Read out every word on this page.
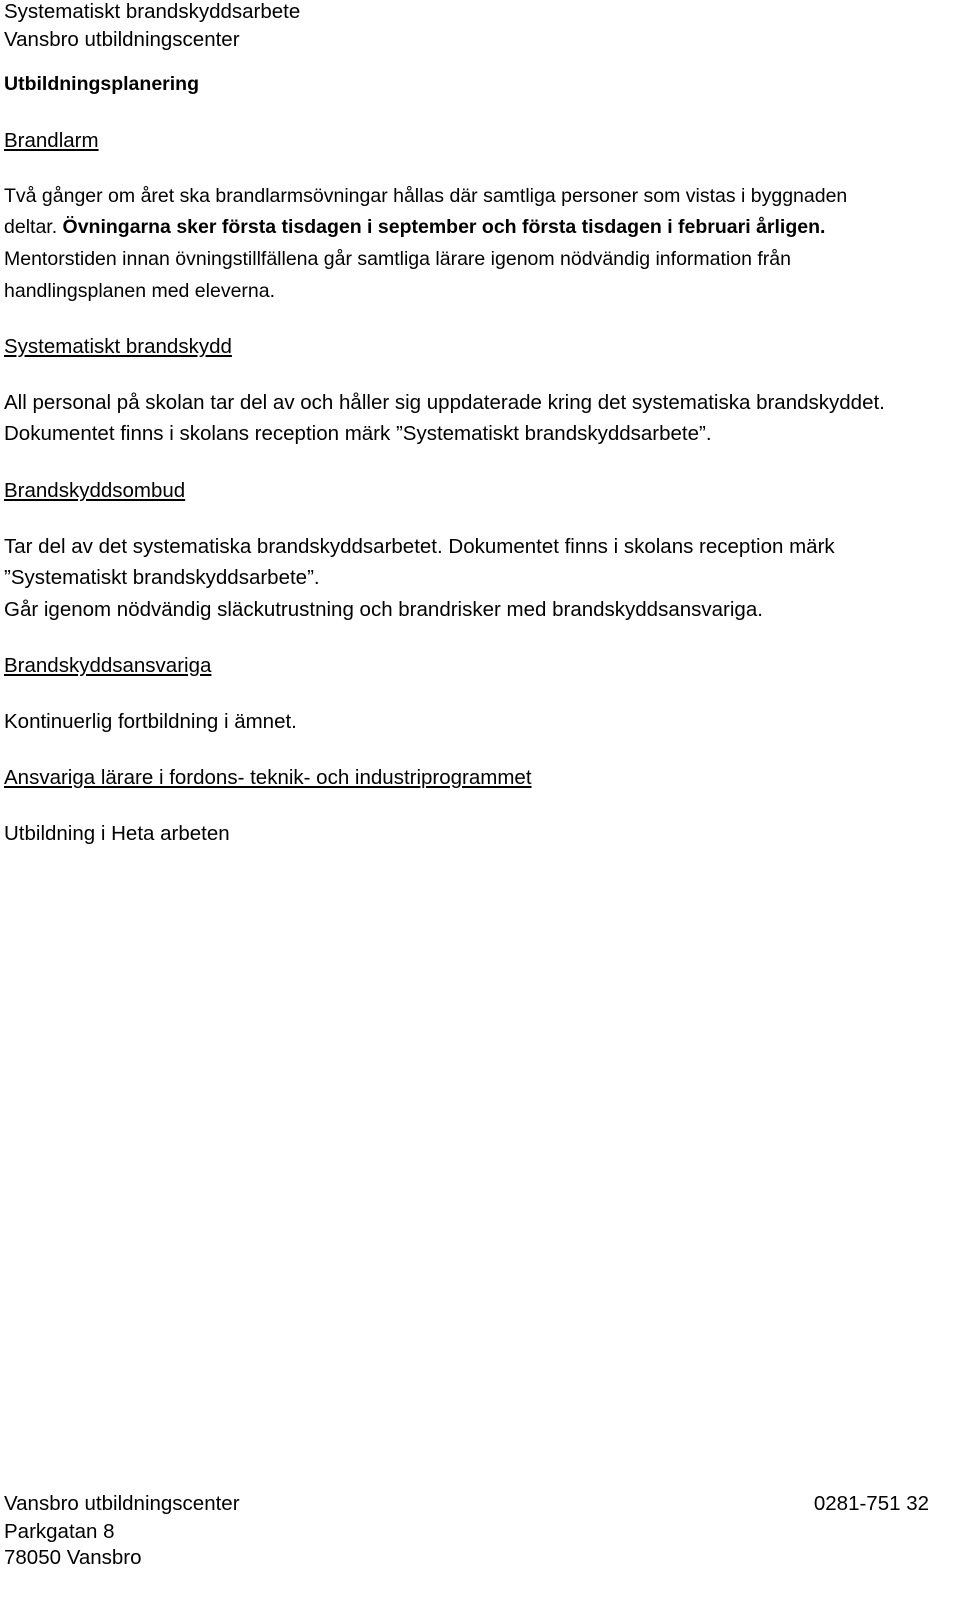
Systematiskt brandskyddsarbete
Vansbro utbildningscenter
Utbildningsplanering
Brandlarm
Två gånger om året ska brandlarmsövningar hållas där samtliga personer som vistas i byggnaden
deltar. Övningarna sker första tisdagen i september och första tisdagen i februari årligen.
Mentorstiden innan övningstillfällena går samtliga lärare igenom nödvändig information från
handlingsplanen med eleverna.
Systematiskt brandskydd
All personal på skolan tar del av och håller sig uppdaterade kring det systematiska brandskyddet.
Dokumentet finns i skolans reception märk ”Systematiskt brandskyddsarbete”.
Brandskyddsombud
Tar del av det systematiska brandskyddsarbetet. Dokumentet finns i skolans reception märk
”Systematiskt brandskyddsarbete”.
Går igenom nödvändig släckutrustning och brandrisker med brandskyddsansvariga.
Brandskyddsansvariga
Kontinuerlig fortbildning i ämnet.
Ansvariga lärare i fordons- teknik- och industriprogrammet
Utbildning i Heta arbeten
Vansbro utbildningscenter	0281-751 32
Parkgatan 8
78050 Vansbro
